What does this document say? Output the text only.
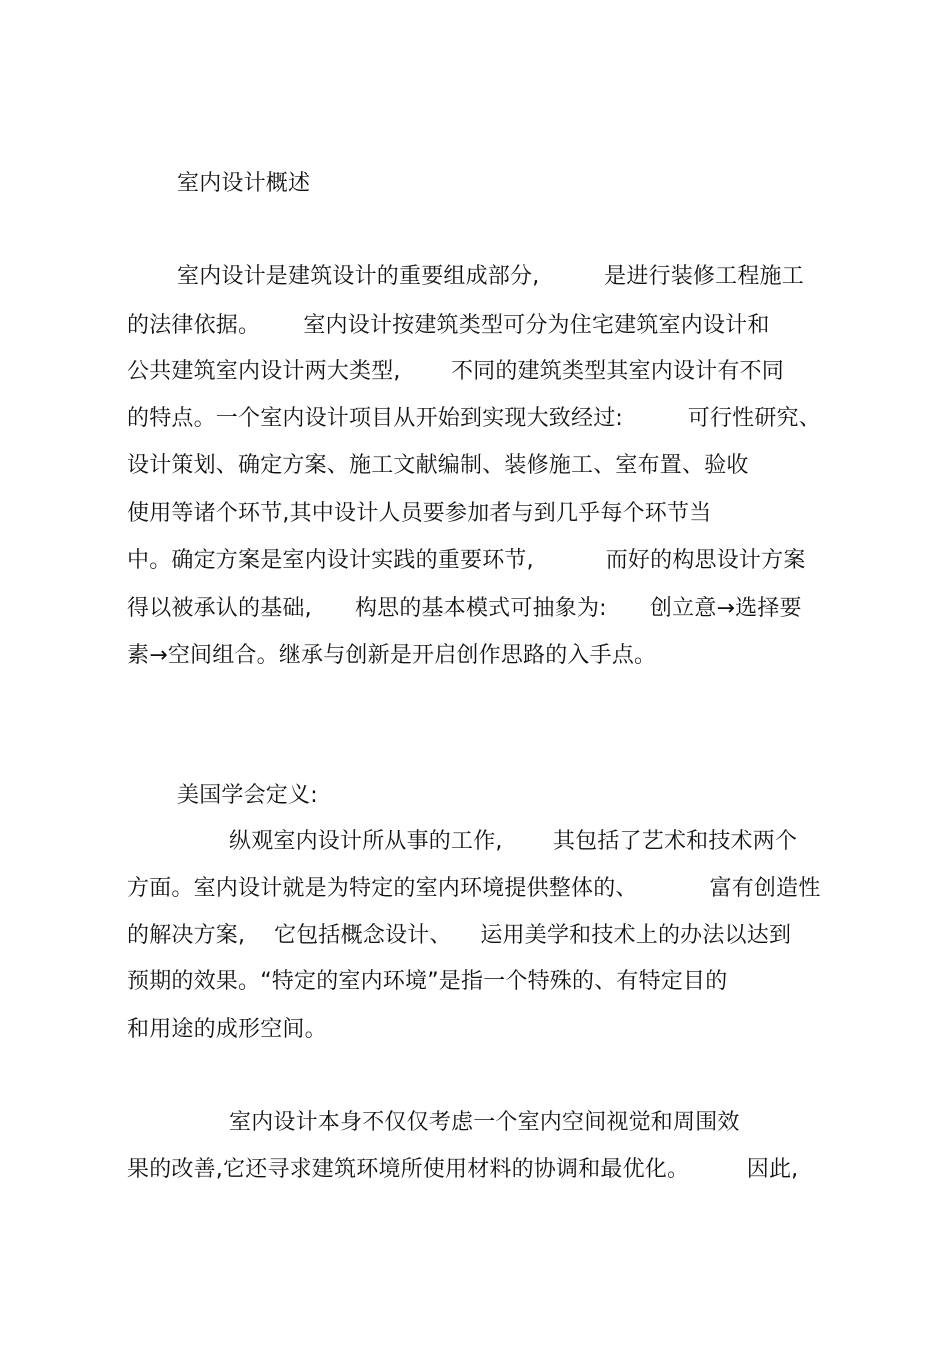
室内设计概述
室内设计是建筑设计的重要组成部分,         是进行装修工程施工
的法律依据。      室内设计按建筑类型可分为住宅建筑室内设计和
公共建筑室内设计两大类型,       不同的建筑类型其室内设计有不同
的特点。一个室内设计项目从开始到实现大致经过:         可行性研究、
设计策划、确定方案、施工文献编制、装修施工、室布置、验收
使用等诸个环节,其中设计人员要参加者与到几乎每个环节当
中。确定方案是室内设计实践的重要环节,          而好的构思设计方案
得以被承认的基础,      构思的基本模式可抽象为:      创立意→选择要
素→空间组合。继承与创新是开启创作思路的入手点。
美国学会定义:
纵观室内设计所从事的工作,       其包括了艺术和技术两个
方面。室内设计就是为特定的室内环境提供整体的、          富有创造性
的解决方案,    它包括概念设计、    运用美学和技术上的办法以达到
预期的效果。“特定的室内环境”是指一个特殊的、有特定目的
和用途的成形空间。
室内设计本身不仅仅考虑一个室内空间视觉和周围效
果的改善,它还寻求建筑环境所使用材料的协调和最优化。        因此,
